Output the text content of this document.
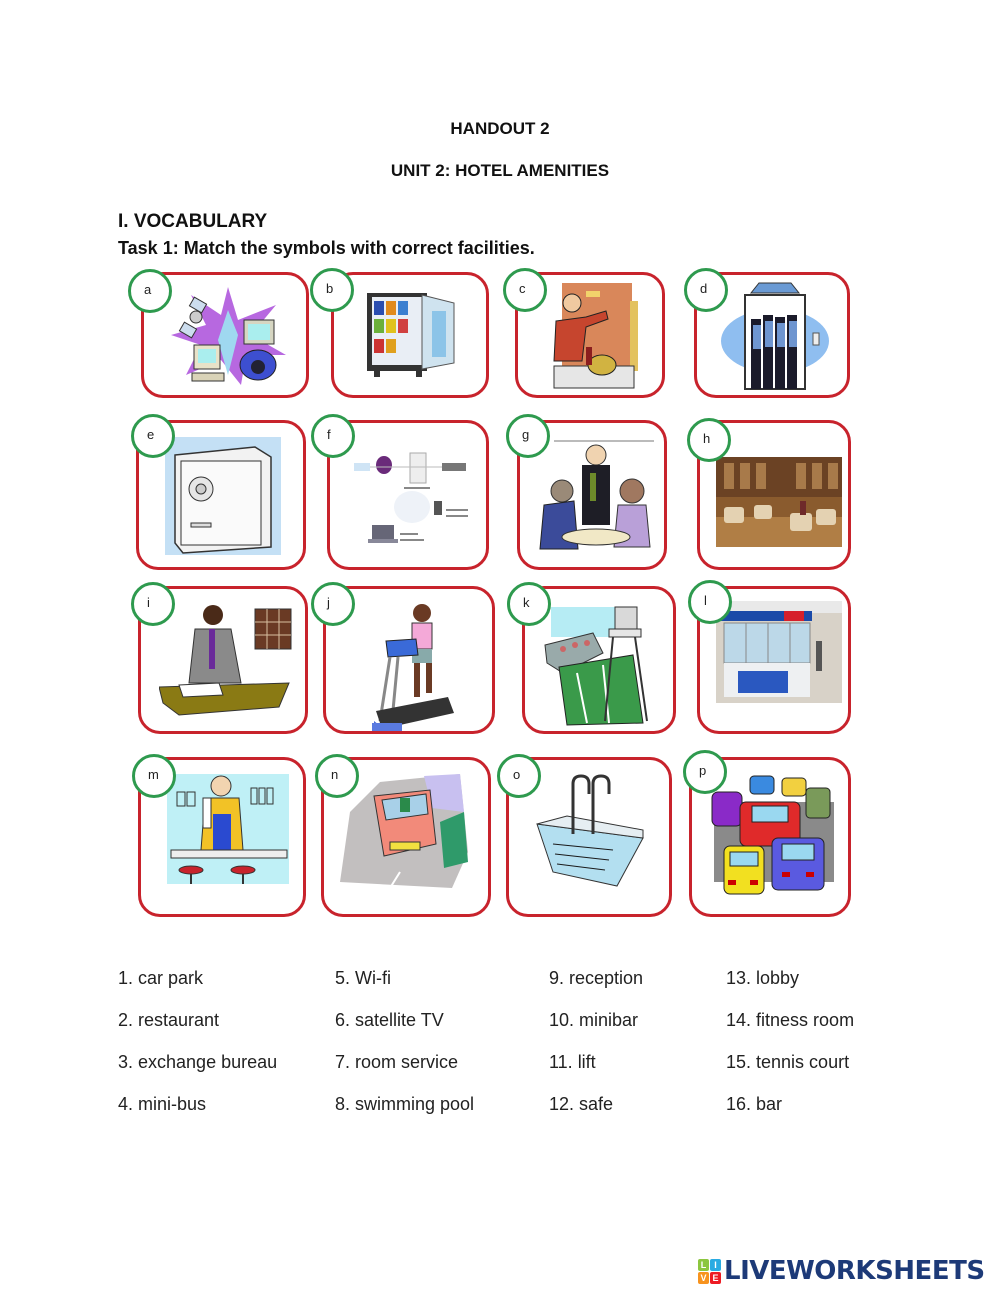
HANDOUT 2
UNIT 2: HOTEL AMENITIES
I. VOCABULARY
Task 1: Match the symbols with correct facilities.
a	b	c	d
e	f	g	h
i	j	k	l
m	n	o	p
1. car park
2. restaurant
3. exchange bureau
4. mini-bus
5. Wi-fi
6. satellite TV
7. room service
8. swimming pool
9. reception
10. minibar
11. lift
12. safe
13. lobby
14. fitness room
15. tennis court
16. bar
L I
V E LIVEWORKSHEETS
